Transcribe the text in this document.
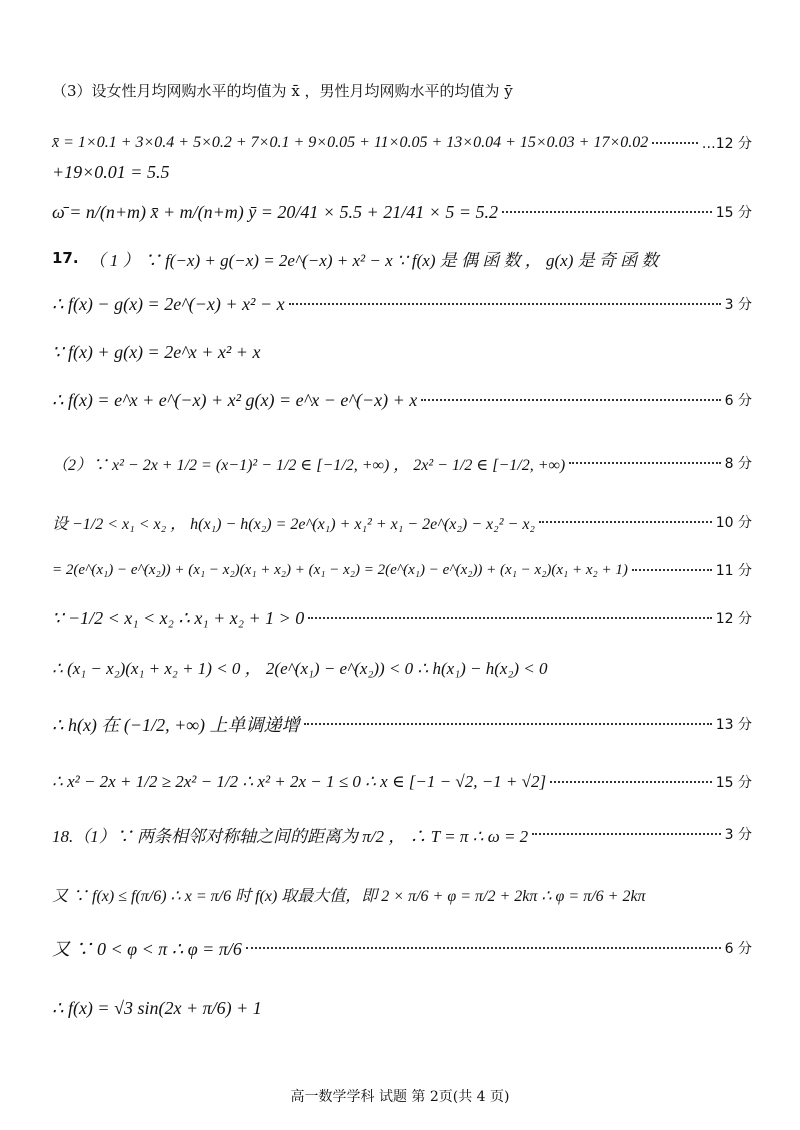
（3）设女性月均网购水平的均值为 x̄ ，男性月均网购水平的均值为 ȳ
x̄ = 1×0.1 + 3×0.4 + 5×0.2 + 7×0.1 + 9×0.05 + 11×0.05 + 13×0.04 + 15×0.03 + 17×0.02	…12 分
+19×0.01 = 5.5
ω̄ = n/(n+m) x̄ + m/(n+m) ȳ = 20/41 × 5.5 + 21/41 × 5 = 5.2	15 分
17. （ 1 ） ∵ f(−x) + g(−x) = 2e^(−x) + x² − x ∵ f(x) 是 偶 函 数 ， g(x) 是 奇 函 数
∴ f(x) − g(x) = 2e^(−x) + x² − x	3 分
∵ f(x) + g(x) = 2e^x + x² + x
∴ f(x) = e^x + e^(−x) + x² g(x) = e^x − e^(−x) + x	6 分
（2）∵ x² − 2x + 1/2 = (x−1)² − 1/2 ∈ [−1/2, +∞) ， 2x² − 1/2 ∈ [−1/2, +∞)	8 分
设 −1/2 < x₁ < x₂ ， h(x₁) − h(x₂) = 2e^(x₁) + x₁² + x₁ − 2e^(x₂) − x₂² − x₂	10 分
= 2(e^(x₁) − e^(x₂)) + (x₁ − x₂)(x₁ + x₂) + (x₁ − x₂) = 2(e^(x₁) − e^(x₂)) + (x₁ − x₂)(x₁ + x₂ + 1)	11 分
∵ −1/2 < x₁ < x₂ ∴ x₁ + x₂ + 1 > 0	12 分
∴ (x₁ − x₂)(x₁ + x₂ + 1) < 0 ， 2(e^(x₁) − e^(x₂)) < 0 ∴ h(x₁) − h(x₂) < 0
∴ h(x) 在 (−1/2, +∞) 上单调递增	13 分
∴ x² − 2x + 1/2 ≥ 2x² − 1/2 ∴ x² + 2x − 1 ≤ 0 ∴ x ∈ [−1 − √2, −1 + √2]	15 分
18.（1）∵ 两条相邻对称轴之间的距离为 π/2 ， ∴ T = π ∴ ω = 2	3 分
又 ∵ f(x) ≤ f(π/6) ∴ x = π/6 时 f(x) 取最大值，即 2 × π/6 + φ = π/2 + 2kπ ∴ φ = π/6 + 2kπ
又 ∵ 0 < φ < π ∴ φ = π/6	6 分
∴ f(x) = √3 sin(2x + π/6) + 1
高一数学学科 试题 第 2页(共 4 页)
